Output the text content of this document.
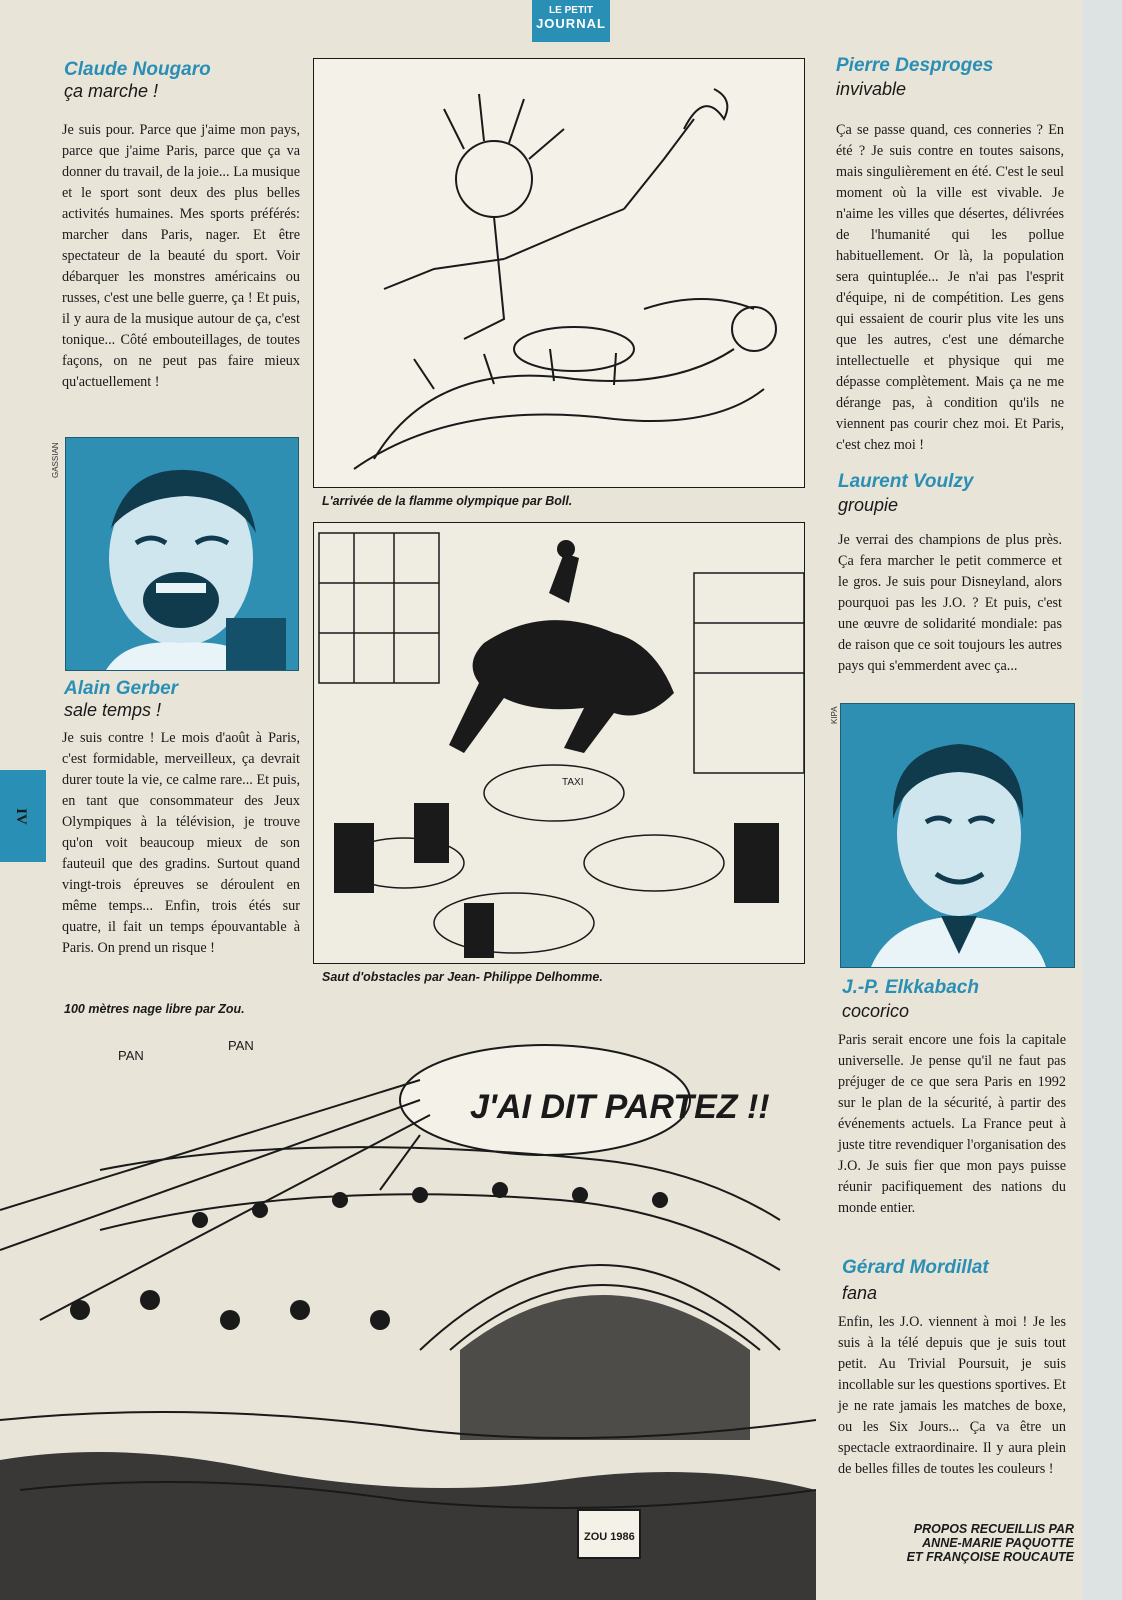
LE PETIT
JOURNAL
IV
Claude Nougaro
ça marche !
Je suis pour. Parce que j'aime mon pays, parce que j'aime Paris, parce que ça va donner du travail, de la joie... La musique et le sport sont deux des plus belles activités humaines. Mes sports préférés: marcher dans Paris, nager. Et être spectateur de la beauté du sport. Voir débarquer les monstres américains ou russes, c'est une belle guerre, ça ! Et puis, il y aura de la musique autour de ça, c'est tonique... Côté embouteillages, de toutes façons, on ne peut pas faire mieux qu'actuellement !
GASSIAN
Alain Gerber
sale temps !
Je suis contre ! Le mois d'août à Paris, c'est formidable, merveilleux, ça devrait durer toute la vie, ce calme rare... Et puis, en tant que consommateur des Jeux Olympiques à la télévision, je trouve qu'on voit beaucoup mieux de son fauteuil que des gradins. Surtout quand vingt-trois épreuves se déroulent en même temps... Enfin, trois étés sur quatre, il fait un temps épouvantable à Paris. On prend un risque !
100 mètres nage libre par Zou.
L'arrivée de la flamme olympique par Boll.
TAXI
Saut d'obstacles par Jean- Philippe Delhomme.
J'AI DIT PARTEZ !!
PAN
PAN
ZOU 1986
Pierre Desproges
invivable
Ça se passe quand, ces conneries ? En été ? Je suis contre en toutes saisons, mais singulièrement en été. C'est le seul moment où la ville est vivable. Je n'aime les villes que désertes, délivrées de l'humanité qui les pollue habituellement. Or là, la population sera quintuplée... Je n'ai pas l'esprit d'équipe, ni de compétition. Les gens qui essaient de courir plus vite les uns que les autres, c'est une démarche intellectuelle et physique qui me dépasse complètement. Mais ça ne me dérange pas, à condition qu'ils ne viennent pas courir chez moi. Et Paris, c'est chez moi !
Laurent Voulzy
groupie
Je verrai des champions de plus près. Ça fera marcher le petit commerce et le gros. Je suis pour Disneyland, alors pourquoi pas les J.O. ? Et puis, c'est une œuvre de solidarité mondiale: pas de raison que ce soit toujours les autres pays qui s'emmerdent avec ça...
KIPA
J.-P. Elkkabach
cocorico
Paris serait encore une fois la capitale universelle. Je pense qu'il ne faut pas préjuger de ce que sera Paris en 1992 sur le plan de la sécurité, à partir des événements actuels. La France peut à juste titre revendiquer l'organisation des J.O. Je suis fier que mon pays puisse réunir pacifiquement des nations du monde entier.
Gérard Mordillat
fana
Enfin, les J.O. viennent à moi ! Je les suis à la télé depuis que je suis tout petit. Au Trivial Poursuit, je suis incollable sur les questions sportives. Et je ne rate jamais les matches de boxe, ou les Six Jours... Ça va être un spectacle extraordinaire. Il y aura plein de belles filles de toutes les couleurs !
PROPOS RECUEILLIS PAR
ANNE-MARIE PAQUOTTE
ET FRANÇOISE ROUCAUTE
